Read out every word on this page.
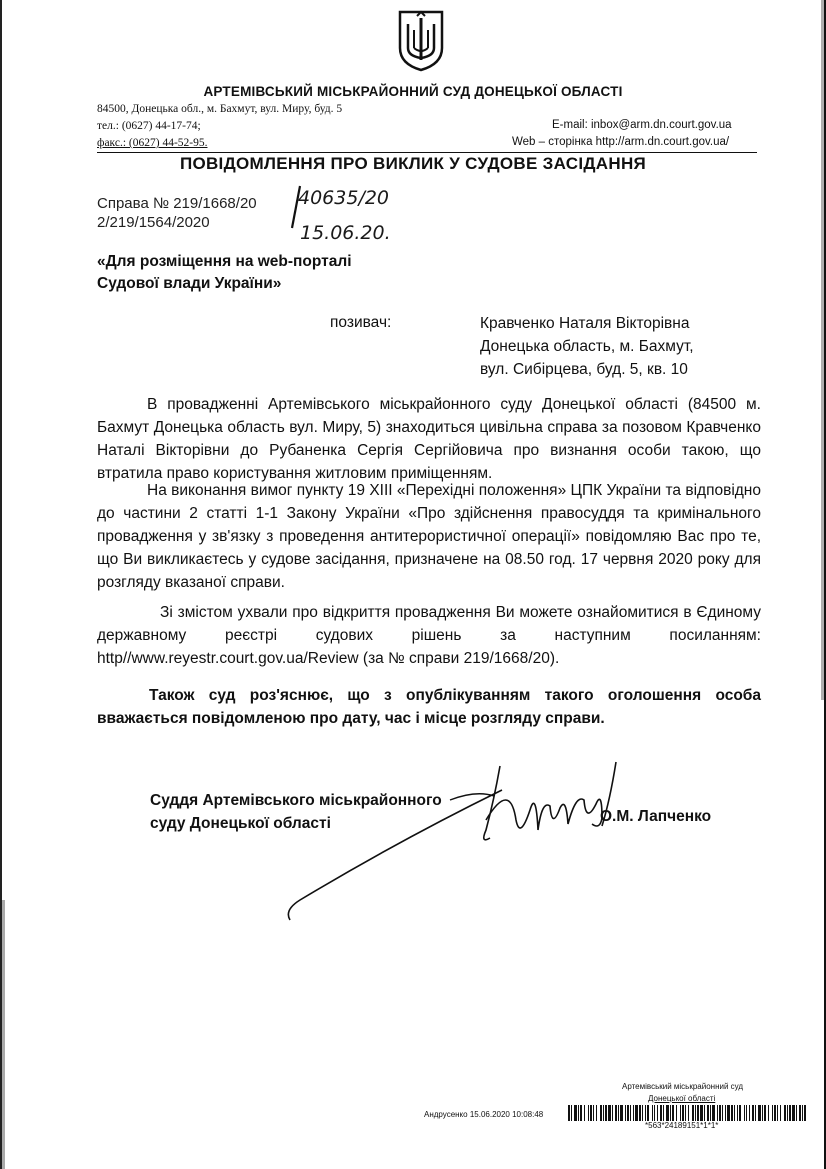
АРТЕМІВСЬКИЙ МІСЬКРАЙОННИЙ СУД ДОНЕЦЬКОЇ ОБЛАСТІ
84500, Донецька обл., м. Бахмут, вул. Миру, буд. 5
тел.: (0627) 44-17-74;
факс.: (0627) 44-52-95.
E-mail: inbox@arm.dn.court.gov.ua
Web – сторінка http://arm.dn.court.gov.ua/
ПОВІДОМЛЕННЯ ПРО ВИКЛИК У СУДОВЕ ЗАСІДАННЯ
Справа № 219/1668/20
2/219/1564/2020
40635/20
15.06.20.
«Для розміщення на web-порталі
Судової влади України»
позивач:	Кравченко Наталя Вікторівна
Донецька область, м. Бахмут,
вул. Сибірцева, буд. 5, кв. 10
В провадженні Артемівського міськрайонного суду Донецької області (84500 м. Бахмут Донецька область вул. Миру, 5) знаходиться цивільна справа за позовом Кравченко Наталі Вікторівни до Рубаненка Сергія Сергійовича про визнання особи такою, що втратила право користування житловим приміщенням.
На виконання вимог пункту 19 XIII «Перехідні положення» ЦПК України та відповідно до частини 2 статті 1-1 Закону України «Про здійснення правосуддя та кримінального провадження у зв'язку з проведення антитерористичної операції» повідомляю Вас про те, що Ви викликаєтесь у судове засідання, призначене на 08.50 год. 17 червня 2020 року для розгляду вказаної справи.
Зі змістом ухвали про відкриття провадження Ви можете ознайомитися в Єдиному державному реєстрі судових рішень за наступним посиланням: http//www.reyestr.court.gov.ua/Review (за № справи 219/1668/20).
Також суд роз'яснює, що з опублікуванням такого оголошення особа вважається повідомленою про дату, час і місце розгляду справи.
Суддя Артемівського міськрайонного
суду Донецької області	О.М. Лапченко
Артемівський міськрайонний суд
Донецької області
Андрусенко 15.06.2020 10:08:48
*563*24189151*1*1*
